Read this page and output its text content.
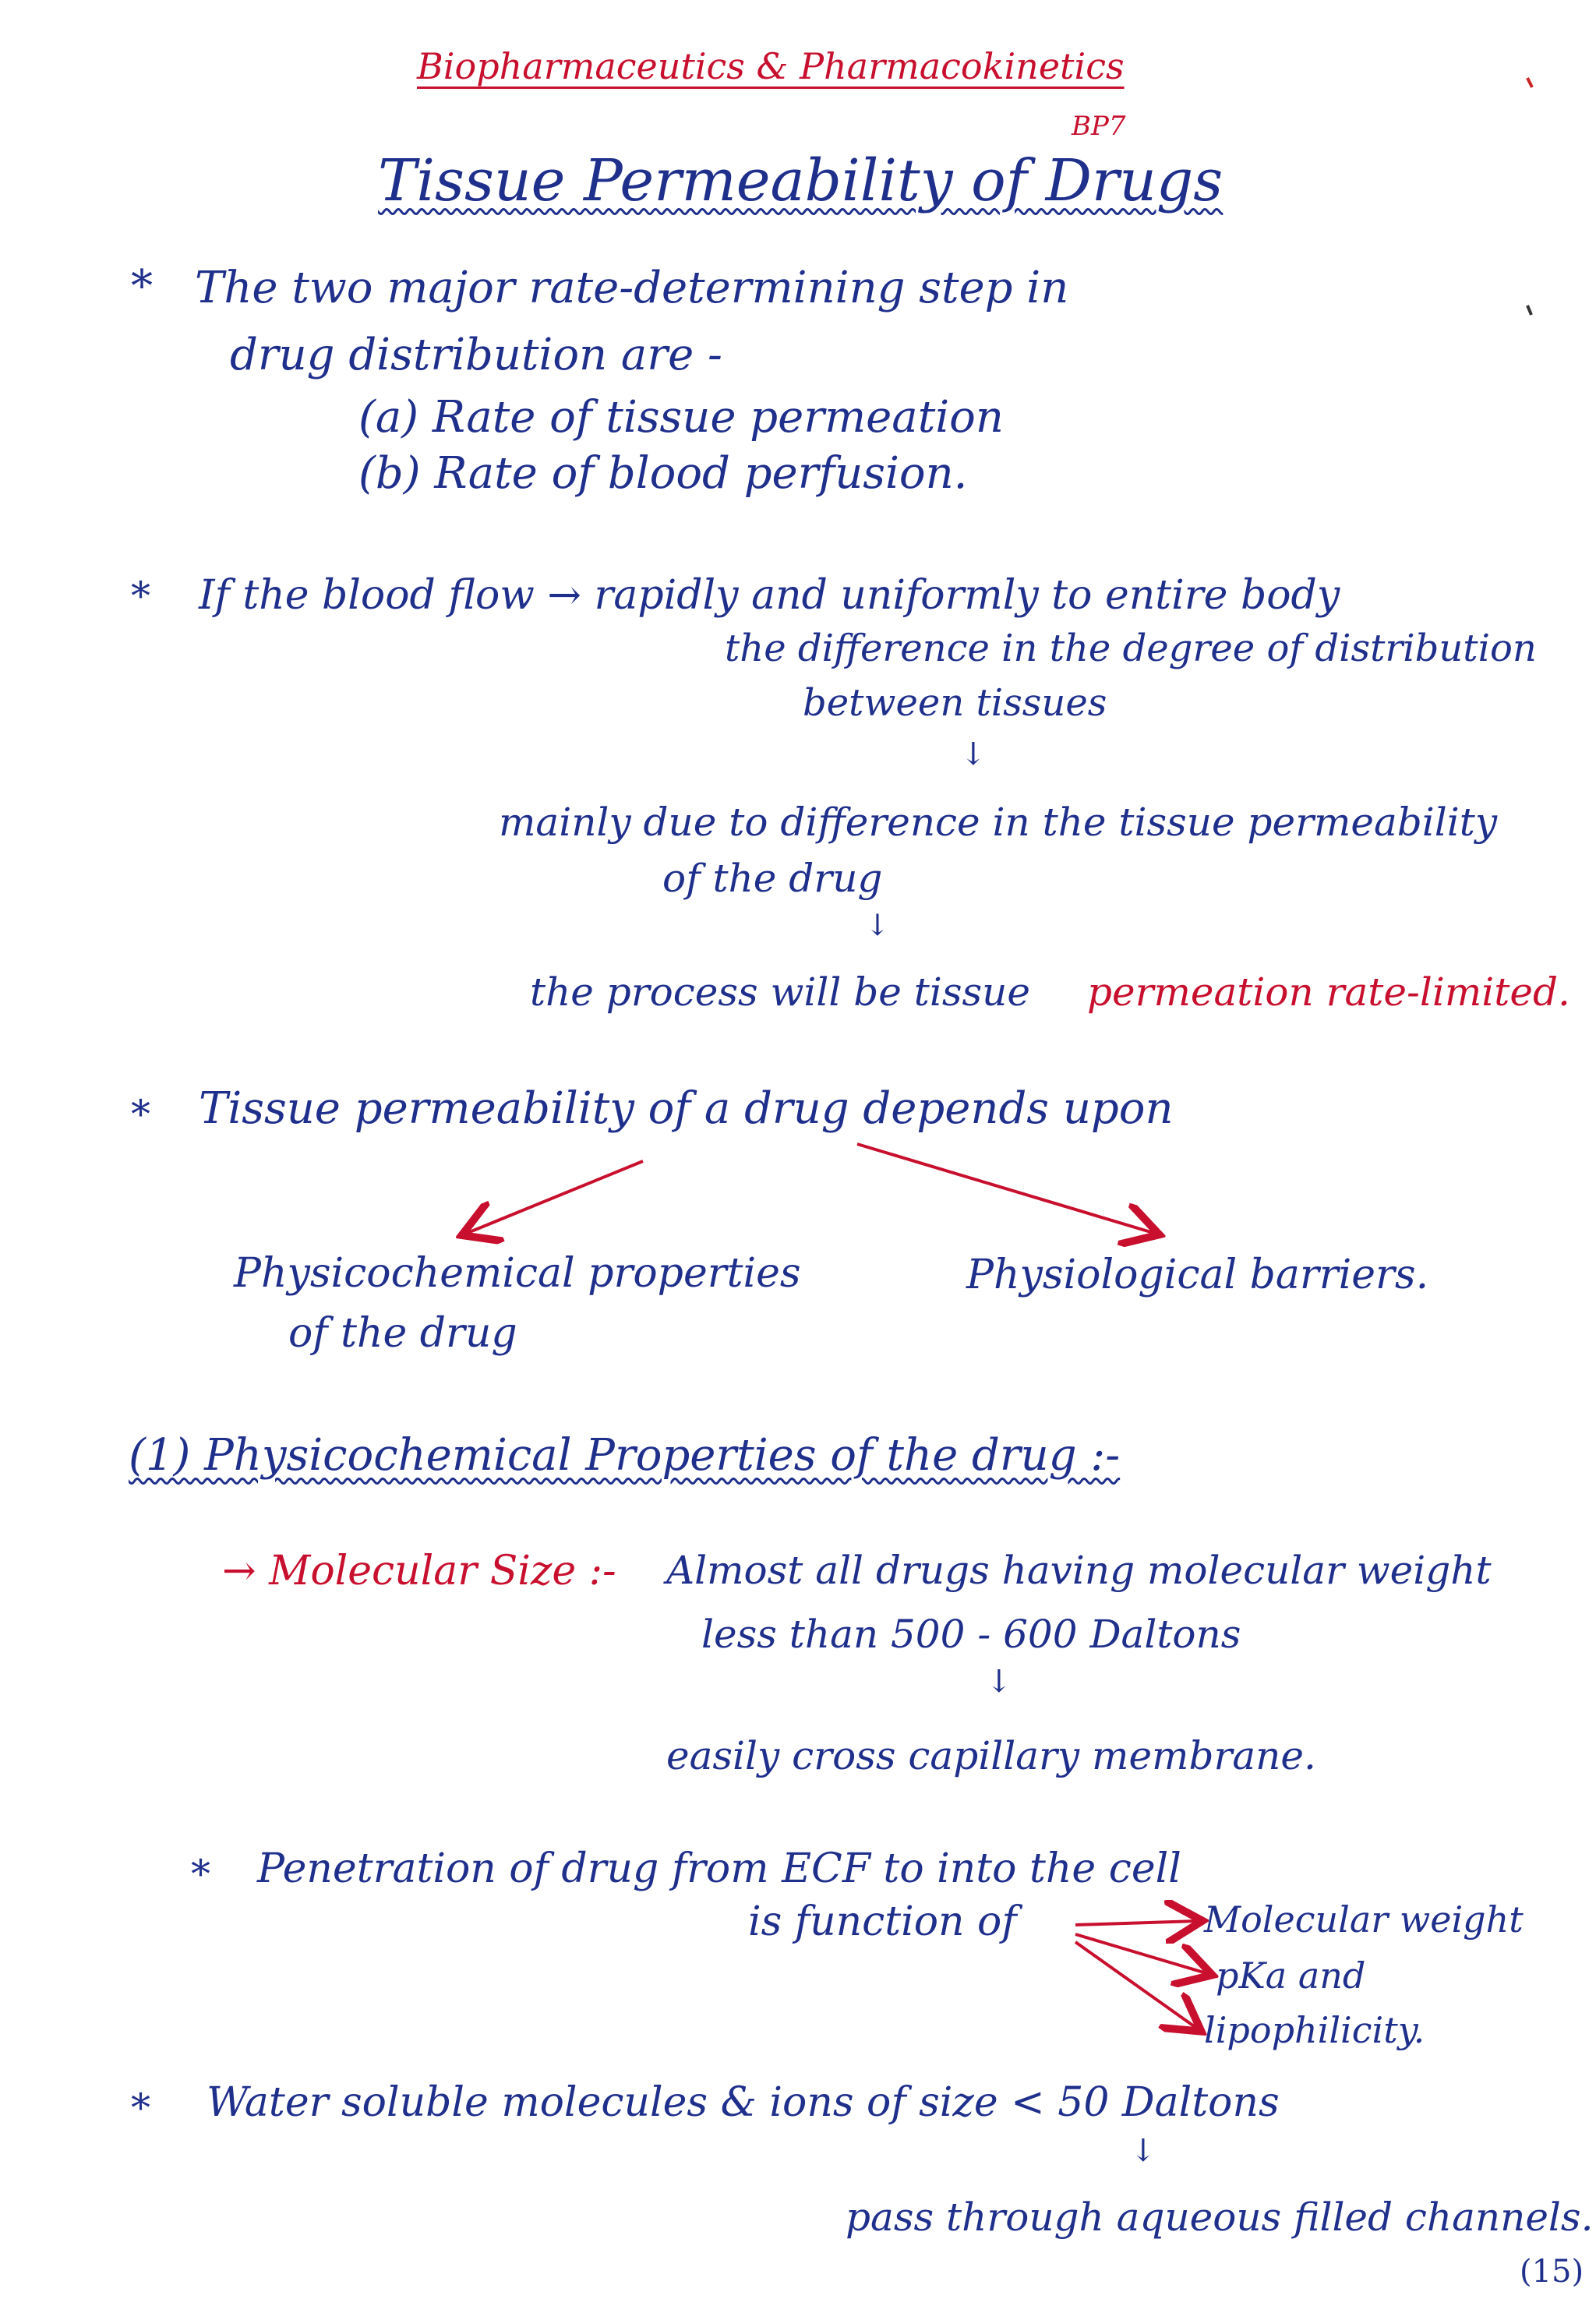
Biopharmaceutics & Pharmacokinetics
BP7
Tissue Permeability of Drugs
* The two major rate-determining step in
drug distribution are -
(a) Rate of tissue permeation
(b) Rate of blood perfusion.
* If the blood flow → rapidly and uniformly to entire body
the difference in the degree of distribution
between tissues
↓
mainly due to difference in the tissue permeability
of the drug
↓
the process will be tissue permeation rate-limited.
* Tissue permeability of a drug depends upon
Physicochemical properties
of the drug
Physiological barriers.
(1) Physicochemical Properties of the drug :-
→ Molecular Size :- Almost all drugs having molecular weight
less than 500 - 600 Daltons
↓
easily cross capillary membrane.
* Penetration of drug from ECF to into the cell
is function of	Molecular weight
pKa and
lipophilicity.
* Water soluble molecules & ions of size < 50 Daltons
↓
pass through aqueous filled channels.
(15)
